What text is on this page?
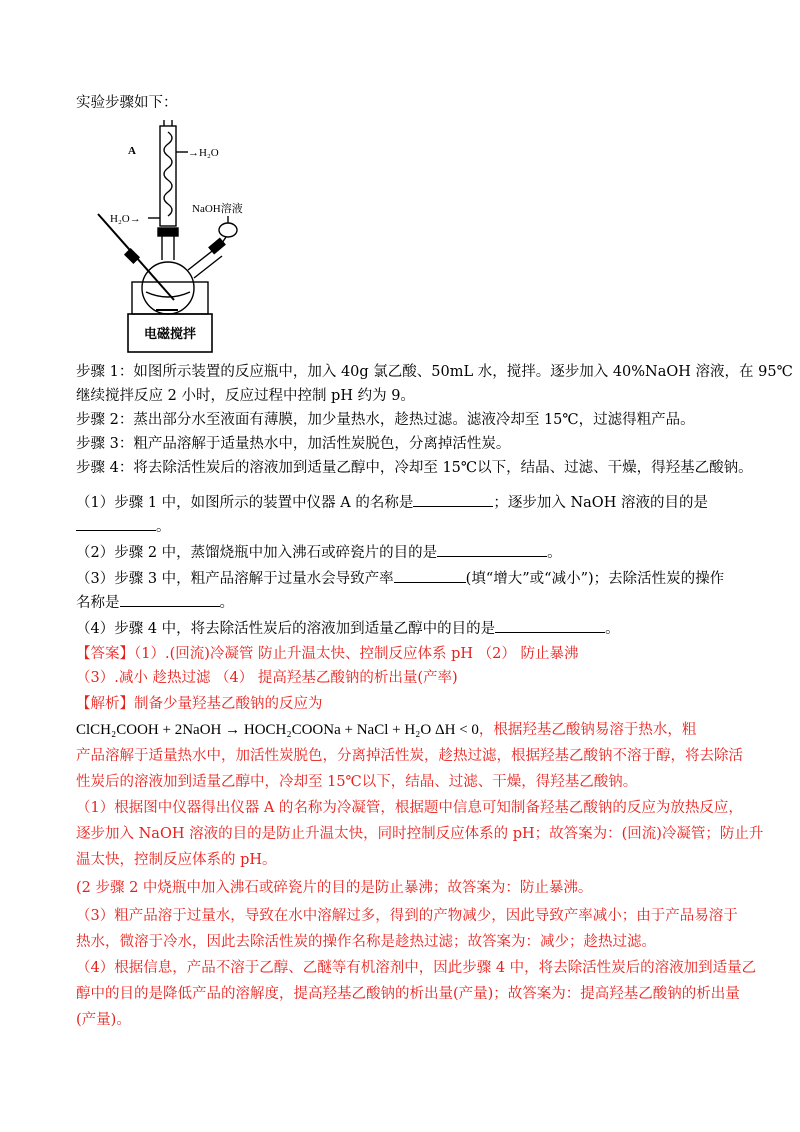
实验步骤如下：
A	→H₂O
H₂O→
NaOH溶液
电磁搅拌
步骤 1：如图所示装置的反应瓶中，加入 40g 氯乙酸、50mL 水，搅拌。逐步加入 40%NaOH 溶液，在 95℃
继续搅拌反应 2 小时，反应过程中控制 pH 约为 9。
步骤 2：蒸出部分水至液面有薄膜，加少量热水，趁热过滤。滤液冷却至 15℃，过滤得粗产品。
步骤 3：粗产品溶解于适量热水中，加活性炭脱色，分离掉活性炭。
步骤 4：将去除活性炭后的溶液加到适量乙醇中，冷却至 15℃以下，结晶、过滤、干燥，得羟基乙酸钠。
（1）步骤 1 中，如图所示的装置中仪器 A 的名称是	；逐步加入 NaOH 溶液的目的是
。
（2）步骤 2 中，蒸馏烧瓶中加入沸石或碎瓷片的目的是	。
（3）步骤 3 中，粗产品溶解于过量水会导致产率	(填“增大”或“减小”)；去除活性炭的操作
名称是	。
（4）步骤 4 中，将去除活性炭后的溶液加到适量乙醇中的目的是	。
【答案】（1）.(回流)冷凝管 防止升温太快、控制反应体系 pH （2） 防止暴沸
（3）.减小 趁热过滤 （4） 提高羟基乙酸钠的析出量(产率)
【解析】制备少量羟基乙酸钠的反应为
ClCH₂COOH + 2NaOH → HOCH₂COONa + NaCl + H₂O ΔH < 0，根据羟基乙酸钠易溶于热水，粗
产品溶解于适量热水中，加活性炭脱色，分离掉活性炭，趁热过滤，根据羟基乙酸钠不溶于醇，将去除活
性炭后的溶液加到适量乙醇中，冷却至 15℃以下，结晶、过滤、干燥，得羟基乙酸钠。
（1）根据图中仪器得出仪器 A 的名称为冷凝管，根据题中信息可知制备羟基乙酸钠的反应为放热反应，
逐步加入 NaOH 溶液的目的是防止升温太快，同时控制反应体系的 pH；故答案为：(回流)冷凝管；防止升
温太快，控制反应体系的 pH。
(2 步骤 2 中烧瓶中加入沸石或碎瓷片的目的是防止暴沸；故答案为：防止暴沸。
（3）粗产品溶于过量水，导致在水中溶解过多，得到的产物减少，因此导致产率减小；由于产品易溶于
热水，微溶于冷水，因此去除活性炭的操作名称是趁热过滤；故答案为：减少；趁热过滤。
（4）根据信息，产品不溶于乙醇、乙醚等有机溶剂中，因此步骤 4 中，将去除活性炭后的溶液加到适量乙
醇中的目的是降低产品的溶解度，提高羟基乙酸钠的析出量(产量)；故答案为：提高羟基乙酸钠的析出量
(产量)。
